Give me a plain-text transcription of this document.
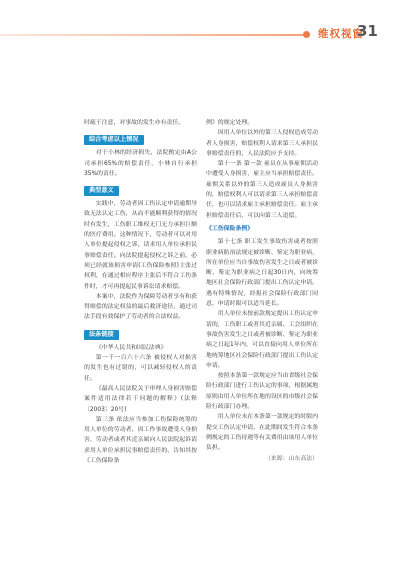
维权视窗
31

时疏于注意，对事故的发生亦有责任。

综合考虑以上情况

对于小林的经济损失，法院酌定由A公司承担65%的赔偿责任，小林自行承担35%的责任。

典型意义

实践中，劳动者因工伤认定申请逾期导致无法认定工伤，从而不能顺利获得的情况时有发生，工伤职工维权无门无力承担巨额的医疗费用。这种情况下，劳动者可以对用人单位提起侵权之诉，请求用人单位承担民事赔偿责任。向法院提起侵权之诉之前，必须已经就该损害申请(工伤保险参照)主张过权利，在通过相应程序主张后不符合工伤条件时，才可再提起民事诉讼请求赔偿。

本案中，法院作为保障劳动者享有和获得赔偿的法定权益的最后救济途径，通过司法手段有效保护了劳动者的合法权益。

法条链接

《中华人民共和国民法典》

第一千一百六十六条 被侵权人对损害的发生也有过错的，可以减轻侵权人的责任。

《最高人民法院关于审理人身损害赔偿案件适用法律若干问题的解释》(法释〔2003〕20号)

第三条 依法应当参加工伤保险统筹的用人单位的劳动者，因工作事故遭受人身损害，劳动者或者其近亲属向人民法院起诉请求用人单位承担民事赔偿责任的，告知其按《工伤保险条

例》的规定处理。

因用人单位以外的第三人侵权造成劳动者人身损害，赔偿权利人请求第三人承担民事赔偿责任的，人民法院应予支持。

第十一条 第一款 雇员在从事雇佣活动中遭受人身损害，雇主应当承担赔偿责任。雇佣关系以外的第三人造成雇员人身损害的，赔偿权利人可以请求第三人承担赔偿责任，也可以请求雇主承担赔偿责任。雇主承担赔偿责任后，可以向第三人追偿。

《工伤保险条例》

第十七条 职工发生事故伤害或者按照职业病防治法规定被诊断、鉴定为职业病，所在单位应当自事故伤害发生之日或者被诊断、鉴定为职业病之日起30日内，向统筹地区社会保险行政部门提出工伤认定申请。遇有特殊情况，经报社会保险行政部门同意，申请时限可以适当延长。

用人单位未按前款规定提出工伤认定申请的，工伤职工或者其近亲属、工会组织在事故伤害发生之日或者被诊断、鉴定为职业病之日起1年内，可以直接向用人单位所在地统筹地区社会保险行政部门提出工伤认定申请。

按照本条第一款规定应当由省级社会保险行政部门进行工伤认定的事项，根据属地原则由用人单位所在地的设区的市级社会保险行政部门办理。

用人单位未在本条第一款规定的时限内提交工伤认定申请，在此期间发生符合本条例规定的工伤待遇等有关费用由该用人单位负担。

（来源：山东高法）
